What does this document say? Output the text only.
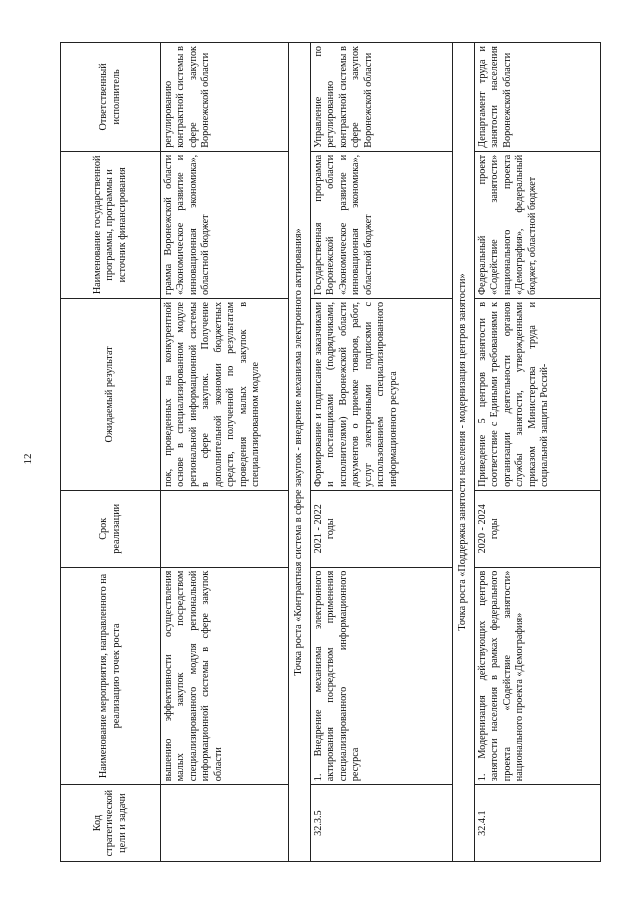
12
Код стратегической цели и задачи	Наименование мероприятия, направленного на реализацию точек роста	Срок реализации	Ожидаемый результат	Наименование государственной программы, программы и источник финансирования	Ответственный исполнитель
	вышению эффективности осуществления малых закупок посредством специализированного модуля региональной информационной системы в сфере закупок области		пок, проведенных на конкурентной основе в специализированном модуле региональной информационной системы в сфере закупок. Получение дополнительной экономии бюджетных средств, полученной по результатам проведения малых закупок в специализированном модуле	грамма Воронежской области «Экономическое развитие и инновационная экономика», областной бюджет	регулированию контрактной системы в сфере закупок Воронежской области
Точка роста «Контрактная система в сфере закупок - внедрение механизма электронного актирования»					
32.3.5	1. Внедрение механизма электронного актирования посредством применения специализированного информационного ресурса	2021 - 2022 годы	Формирование и подписание заказчиками и поставщиками (подрядчиками, исполнителями) Воронежской области документов о приемке товаров, работ, услуг электронными подписями с использованием специализированного информационного ресурса	Государственная программа Воронежской области «Экономическое развитие и инновационная экономика», областной бюджет	Управление по регулированию контрактной системы в сфере закупок Воронежской области
Точка роста «Поддержка занятости населения - модернизация центров занятости»					
32.4.1	1. Модернизация действующих центров занятости населения в рамках федерального проекта «Содействие занятости» национального проекта «Демография»	2020 - 2024 годы	Приведение 5 центров занятости в соответствие с Едиными требованиями к организации деятельности органов службы занятости, утвержденными приказом Министерства труда и социальной защиты Россий-	Федеральный проект «Содействие занятости» национального проекта «Демография», федеральный бюджет, областной бюджет	Департамент труда и занятости населения Воронежской области
